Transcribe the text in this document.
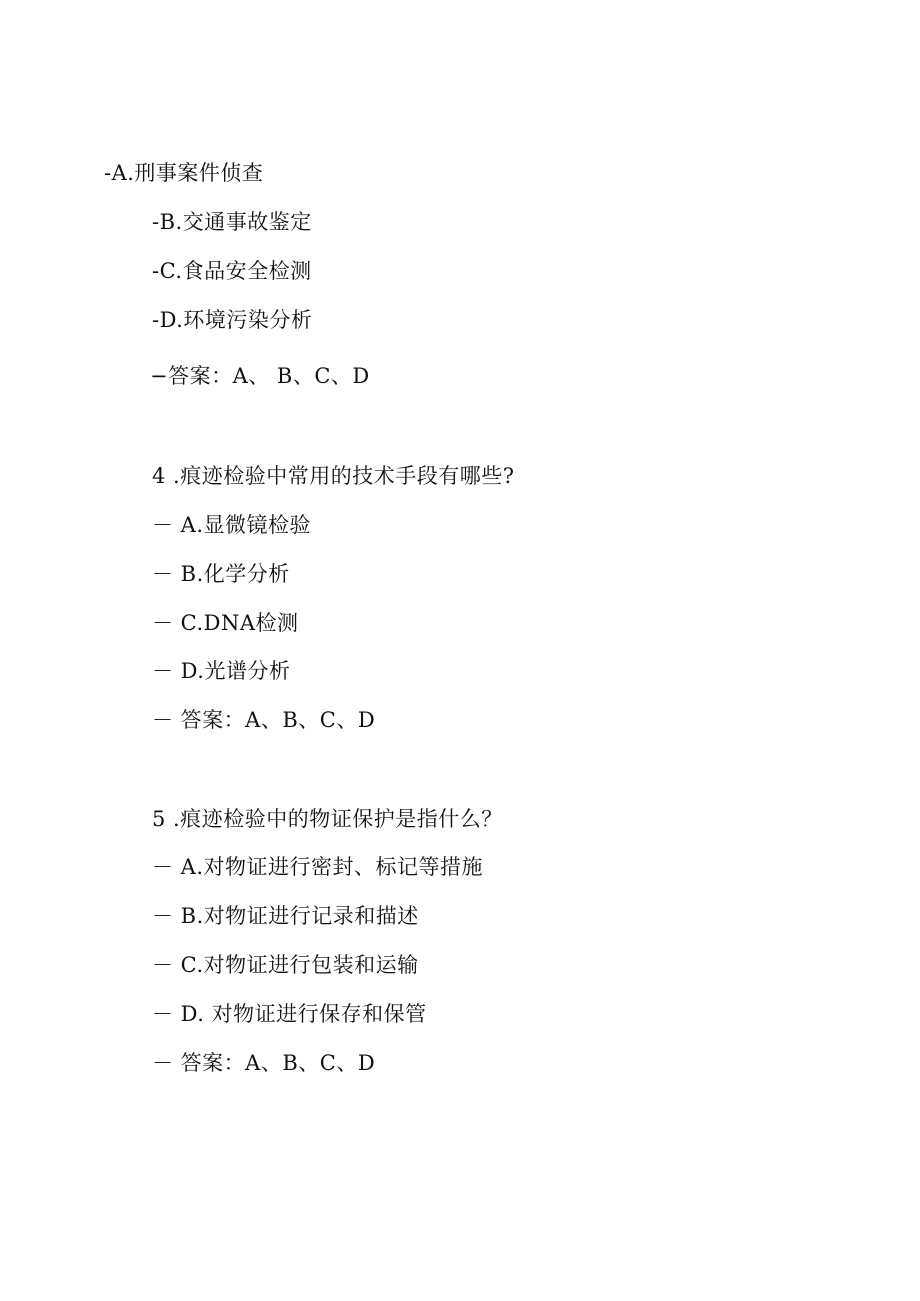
-A.刑事案件侦查
-B.交通事故鉴定
-C.食品安全检测
-D.环境污染分析
−答案：A、 B、C、D
4 .痕迹检验中常用的技术手段有哪些?
－ A.显微镜检验
－ B.化学分析
－ C.DNA检测
－ D.光谱分析
－ 答案：A、B、C、D
5 .痕迹检验中的物证保护是指什么？
－ A.对物证进行密封、标记等措施
－ B.对物证进行记录和描述
－ C.对物证进行包装和运输
－ D. 对物证进行保存和保管
－ 答案：A、B、C、D
